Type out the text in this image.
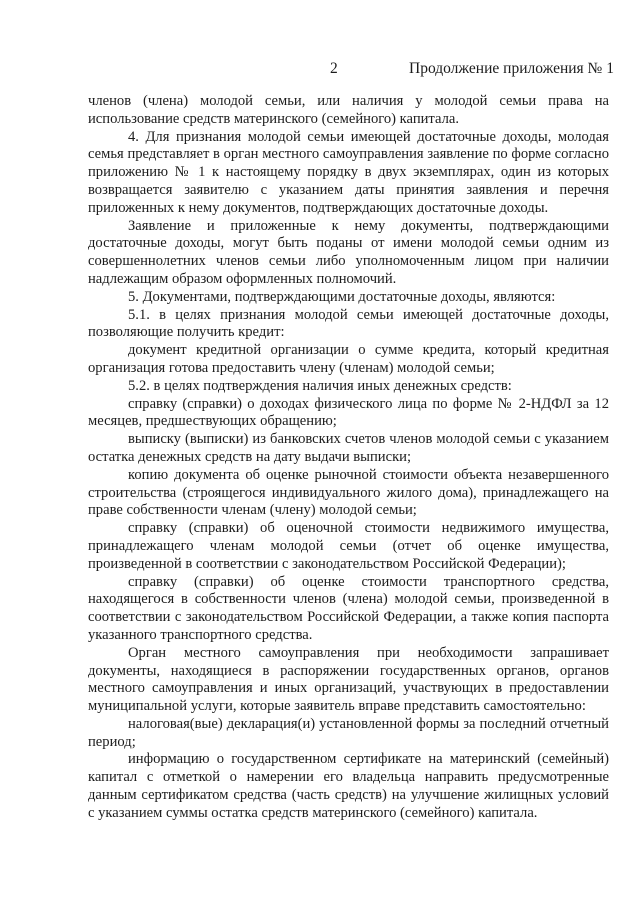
2	Продолжение приложения № 1

членов (члена) молодой семьи, или наличия у молодой семьи права на использование средств материнского (семейного) капитала.

4. Для признания молодой семьи имеющей достаточные доходы, молодая семья представляет в орган местного самоуправления заявление по форме согласно приложению № 1 к настоящему порядку в двух экземплярах, один из которых возвращается заявителю с указанием даты принятия заявления и перечня приложенных к нему документов, подтверждающих достаточные доходы.

Заявление и приложенные к нему документы, подтверждающими достаточные доходы, могут быть поданы от имени молодой семьи одним из совершеннолетних членов семьи либо уполномоченным лицом при наличии надлежащим образом оформленных полномочий.

5. Документами, подтверждающими достаточные доходы, являются:

5.1. в целях признания молодой семьи имеющей достаточные доходы, позволяющие получить кредит:

документ кредитной организации о сумме кредита, который кредитная организация готова предоставить члену (членам) молодой семьи;

5.2. в целях подтверждения наличия иных денежных средств:

справку (справки) о доходах физического лица по форме № 2-НДФЛ за 12 месяцев, предшествующих обращению;

выписку (выписки) из банковских счетов членов молодой семьи с указанием остатка денежных средств на дату выдачи выписки;

копию документа об оценке рыночной стоимости объекта незавершенного строительства (строящегося индивидуального жилого дома), принадлежащего на праве собственности членам (члену) молодой семьи;

справку (справки) об оценочной стоимости недвижимого имущества, принадлежащего членам молодой семьи (отчет об оценке имущества, произведенной в соответствии с законодательством Российской Федерации);

справку (справки) об оценке стоимости транспортного средства, находящегося в собственности членов (члена) молодой семьи, произведенной в соответствии с законодательством Российской Федерации, а также копия паспорта указанного транспортного средства.

Орган местного самоуправления при необходимости запрашивает документы, находящиеся в распоряжении государственных органов, органов местного самоуправления и иных организаций, участвующих в предоставлении муниципальной услуги, которые заявитель вправе представить самостоятельно:

налоговая(вые) декларация(и) установленной формы за последний отчетный период;

информацию о государственном сертификате на материнский (семейный) капитал с отметкой о намерении его владельца направить предусмотренные данным сертификатом средства (часть средств) на улучшение жилищных условий с указанием суммы остатка средств материнского (семейного) капитала.
